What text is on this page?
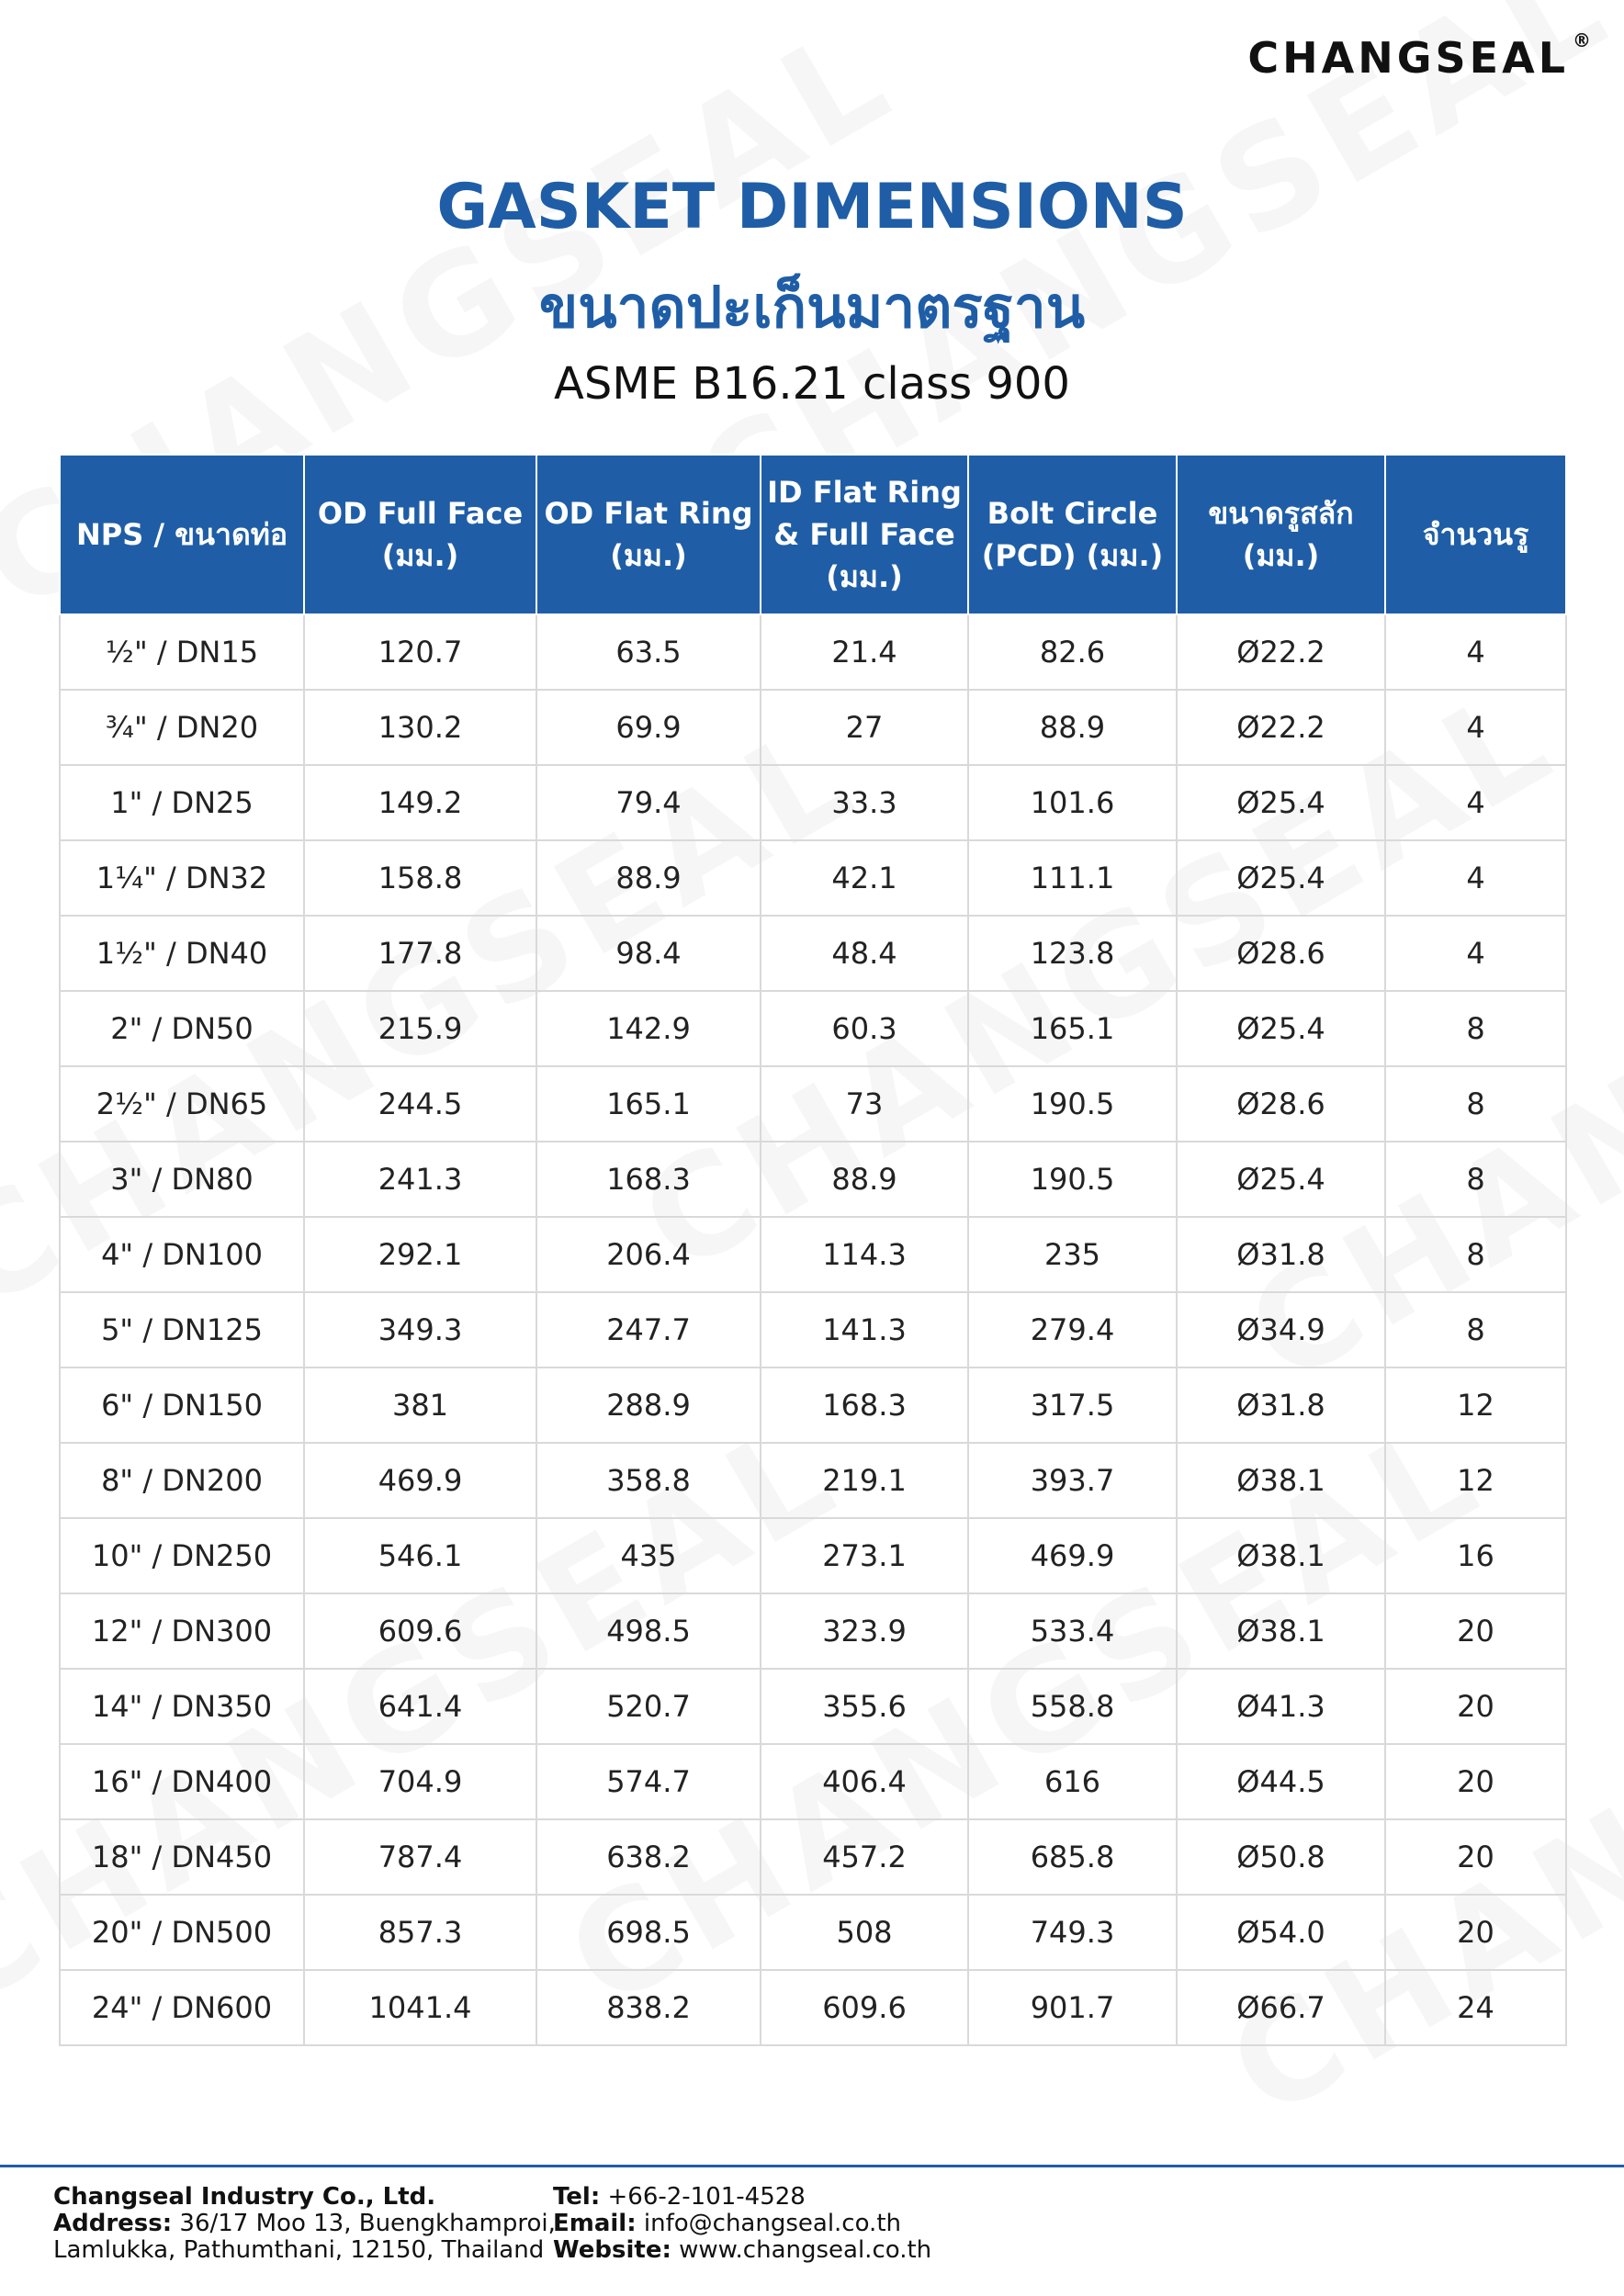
CHANGSEAL®
GASKET DIMENSIONS
ขนาดปะเก็นมาตรฐาน
ASME B16.21 class 900
NPS / ขนาดท่อ	OD Full Face (มม.)	OD Flat Ring (มม.)	ID Flat Ring & Full Face (มม.)	Bolt Circle (PCD) (มม.)	ขนาดรูสลัก (มม.)	จำนวนรู
½" / DN15	120.7	63.5	21.4	82.6	Ø22.2	4
¾" / DN20	130.2	69.9	27	88.9	Ø22.2	4
1" / DN25	149.2	79.4	33.3	101.6	Ø25.4	4
1¼" / DN32	158.8	88.9	42.1	111.1	Ø25.4	4
1½" / DN40	177.8	98.4	48.4	123.8	Ø28.6	4
2" / DN50	215.9	142.9	60.3	165.1	Ø25.4	8
2½" / DN65	244.5	165.1	73	190.5	Ø28.6	8
3" / DN80	241.3	168.3	88.9	190.5	Ø25.4	8
4" / DN100	292.1	206.4	114.3	235	Ø31.8	8
5" / DN125	349.3	247.7	141.3	279.4	Ø34.9	8
6" / DN150	381	288.9	168.3	317.5	Ø31.8	12
8" / DN200	469.9	358.8	219.1	393.7	Ø38.1	12
10" / DN250	546.1	435	273.1	469.9	Ø38.1	16
12" / DN300	609.6	498.5	323.9	533.4	Ø38.1	20
14" / DN350	641.4	520.7	355.6	558.8	Ø41.3	20
16" / DN400	704.9	574.7	406.4	616	Ø44.5	20
18" / DN450	787.4	638.2	457.2	685.8	Ø50.8	20
20" / DN500	857.3	698.5	508	749.3	Ø54.0	20
24" / DN600	1041.4	838.2	609.6	901.7	Ø66.7	24
Changseal Industry Co., Ltd.
Address: 36/17 Moo 13, Buengkhamproi,
Lamlukka, Pathumthani, 12150, Thailand
Tel: +66-2-101-4528
Email: info@changseal.co.th
Website: www.changseal.co.th
